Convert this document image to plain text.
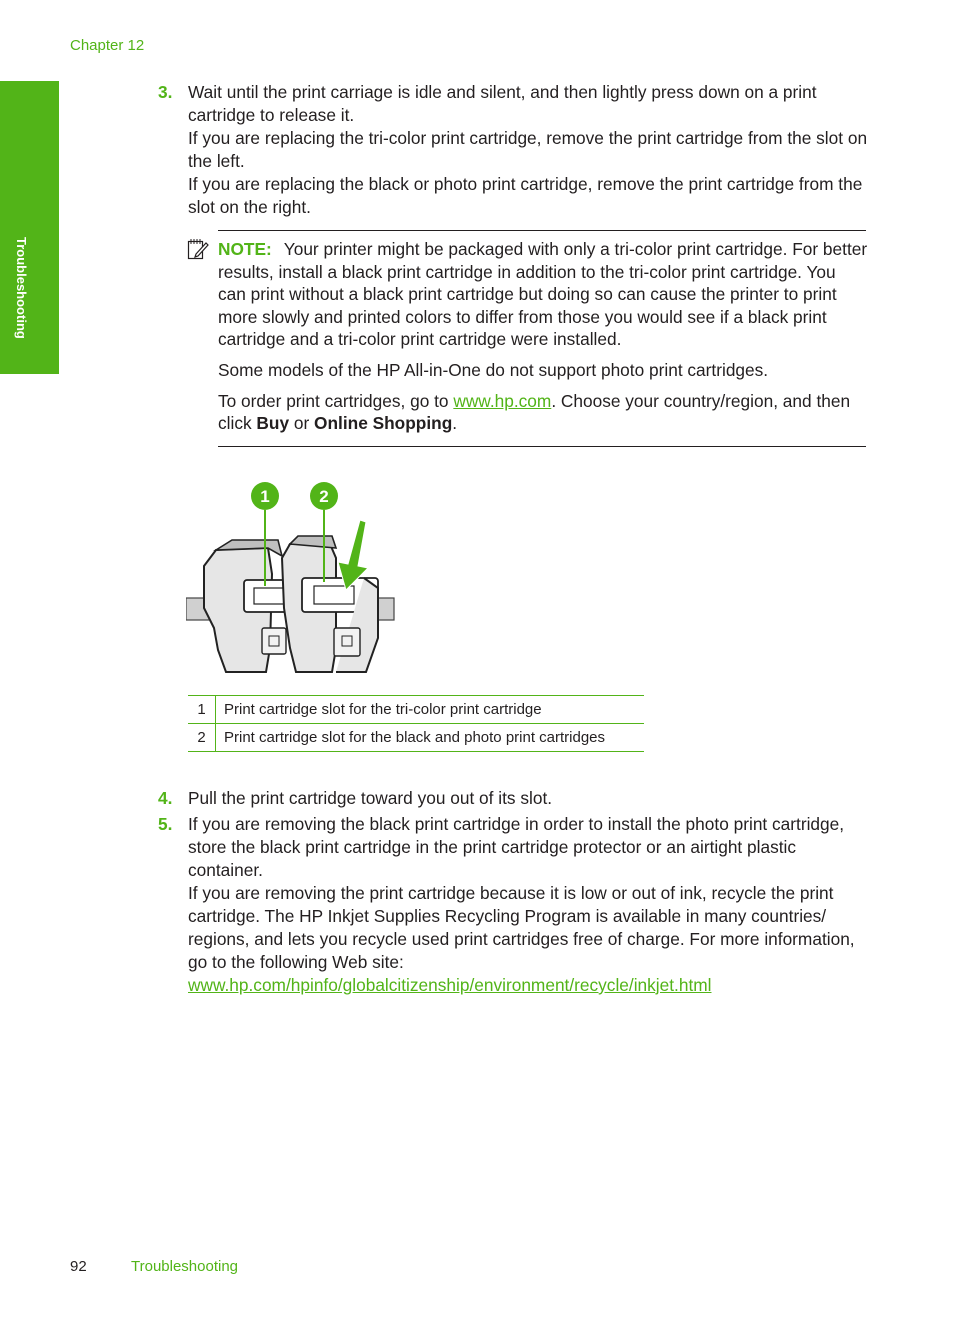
Chapter 12
Troubleshooting
3. Wait until the print carriage is idle and silent, and then lightly press down on a print cartridge to release it.

If you are replacing the tri-color print cartridge, remove the print cartridge from the slot on the left.

If you are replacing the black or photo print cartridge, remove the print cartridge from the slot on the right.

NOTE: Your printer might be packaged with only a tri-color print cartridge. For better results, install a black print cartridge in addition to the tri-color print cartridge. You can print without a black print cartridge but doing so can cause the printer to print more slowly and printed colors to differ from those you would see if a black print cartridge and a tri-color print cartridge were installed.

Some models of the HP All-in-One do not support photo print cartridges.

To order print cartridges, go to www.hp.com. Choose your country/region, and then click Buy or Online Shopping.

1	2
1	Print cartridge slot for the tri-color print cartridge
2	Print cartridge slot for the black and photo print cartridges
4. Pull the print cartridge toward you out of its slot.

5. If you are removing the black print cartridge in order to install the photo print cartridge, store the black print cartridge in the print cartridge protector or an airtight plastic container.

If you are removing the print cartridge because it is low or out of ink, recycle the print cartridge. The HP Inkjet Supplies Recycling Program is available in many countries/ regions, and lets you recycle used print cartridges free of charge. For more information, go to the following Web site:

www.hp.com/hpinfo/globalcitizenship/environment/recycle/inkjet.html

92	Troubleshooting
